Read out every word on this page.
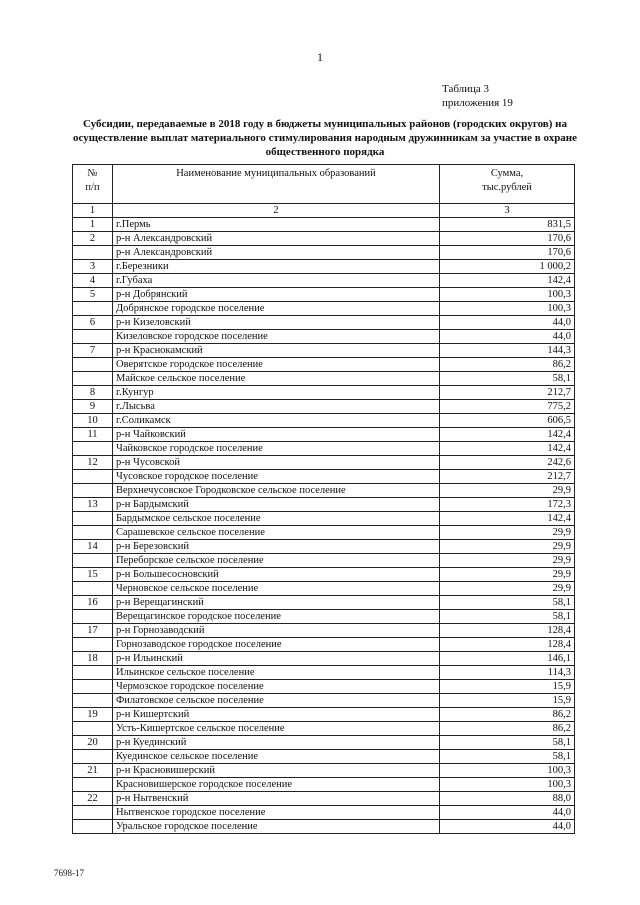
1
Таблица 3
приложения 19
Субсидии, передаваемые в 2018 году в бюджеты муниципальных районов (городских округов) на осуществление выплат материального стимулирования народным дружинникам за участие в охране общественного порядка
№
п/п	Наименование муниципальных образований	Сумма,
тыс.рублей
1	2	3
1	г.Пермь	831,5
2	р-н Александровский	170,6
	р-н Александровский	170,6
3	г.Березники	1 000,2
4	г.Губаха	142,4
5	р-н Добрянский	100,3
	Добрянское городское поселение	100,3
6	р-н Кизеловский	44,0
	Кизеловское городское поселение	44,0
7	р-н Краснокамский	144,3
	Оверятское городское поселение	86,2
	Майское сельское поселение	58,1
8	г.Кунгур	212,7
9	г.Лысьва	775,2
10	г.Соликамск	606,5
11	р-н Чайковский	142,4
	Чайковское городское поселение	142,4
12	р-н Чусовской	242,6
	Чусовское городское поселение	212,7
	Верхнечусовское Городковское сельское поселение	29,9
13	р-н Бардымский	172,3
	Бардымское сельское поселение	142,4
	Сарашевское сельское поселение	29,9
14	р-н Березовский	29,9
	Переборское сельское поселение	29,9
15	р-н Большесосновский	29,9
	Черновское сельское поселение	29,9
16	р-н Верещагинский	58,1
	Верещагинское городское поселение	58,1
17	р-н Горнозаводский	128,4
	Горнозаводское городское поселение	128,4
18	р-н Ильинский	146,1
	Ильинское сельское поселение	114,3
	Чермозское городское поселение	15,9
	Филатовское сельское поселение	15,9
19	р-н Кишертский	86,2
	Усть-Кишертское сельское поселение	86,2
20	р-н Куединский	58,1
	Куединское сельское поселение	58,1
21	р-н Красновишерский	100,3
	Красновишерское городское поселение	100,3
22	р-н Нытвенский	88,0
	Нытвенское городское поселение	44,0
	Уральское городское поселение	44,0
7698-17
